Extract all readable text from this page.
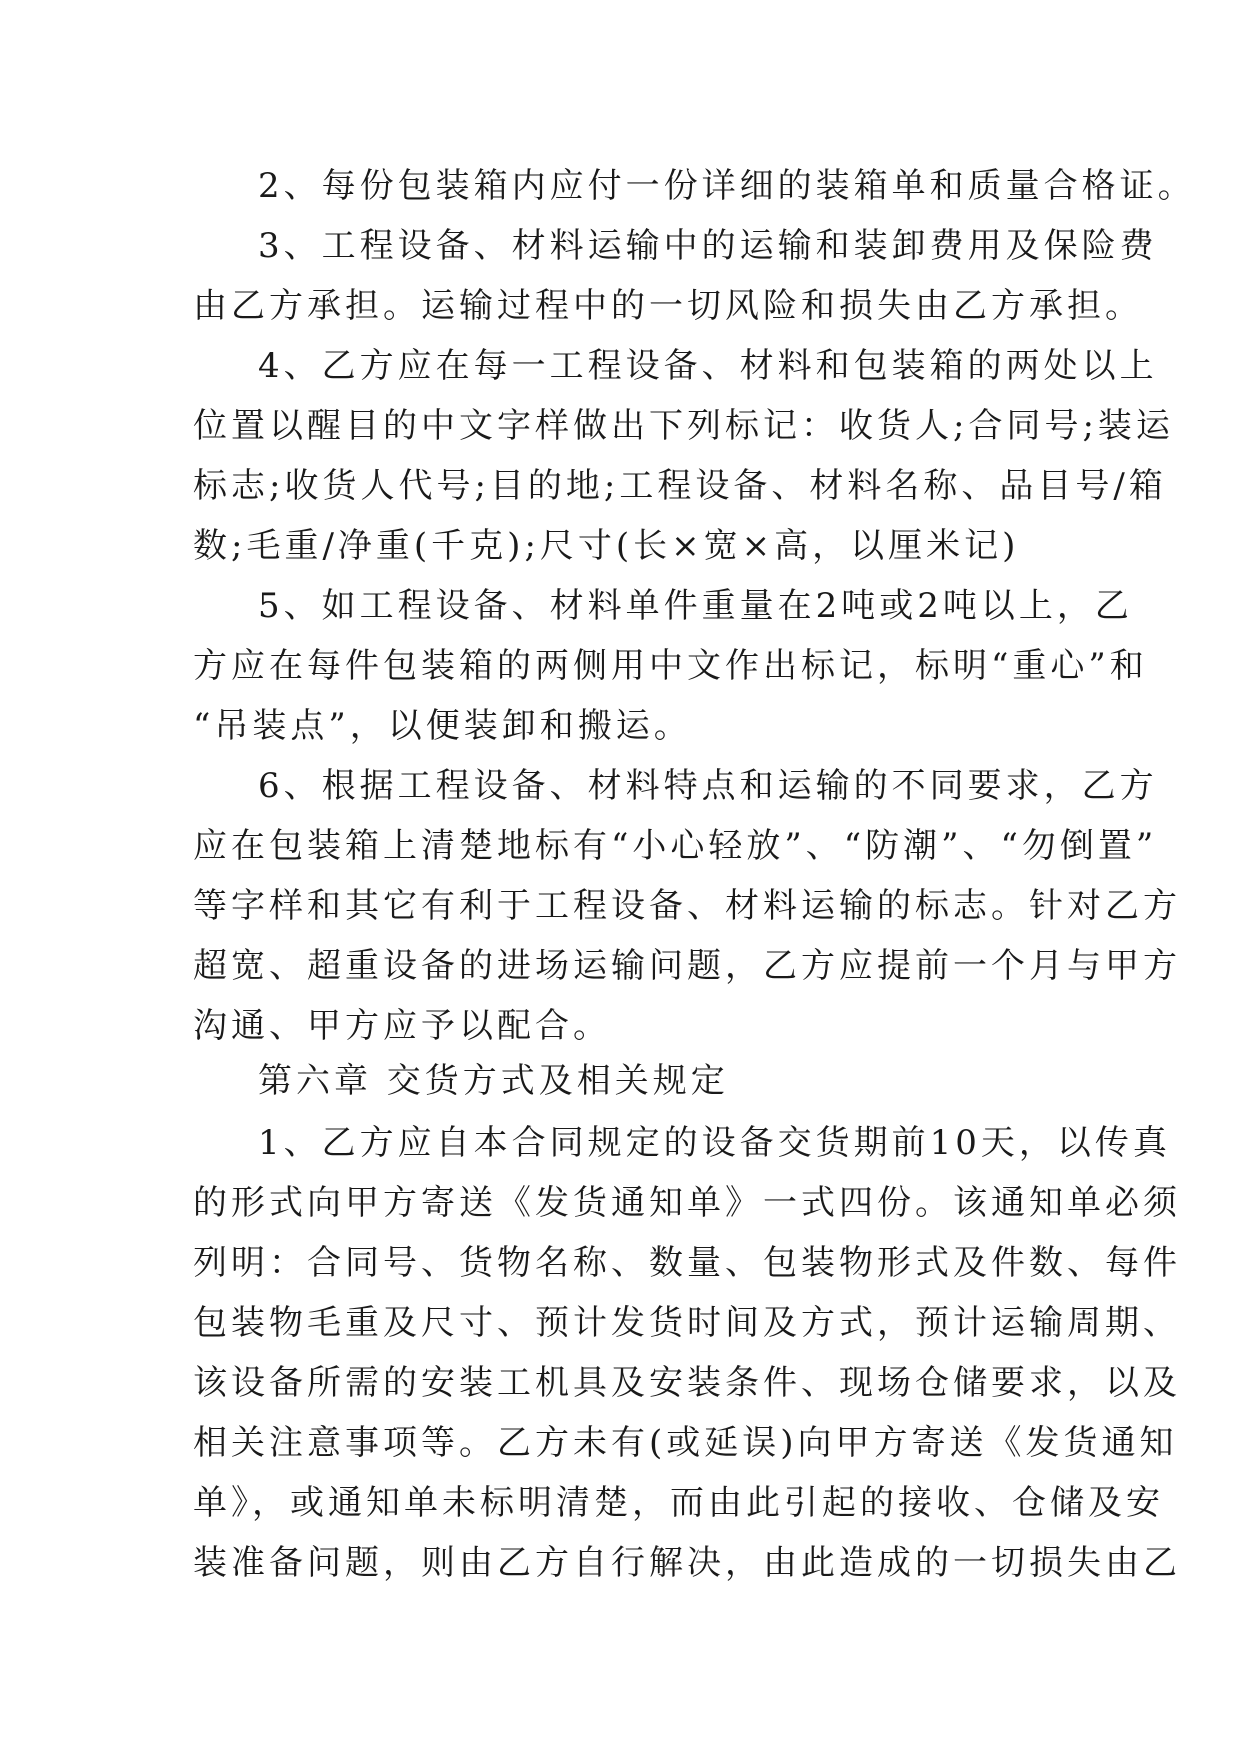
2、每份包装箱内应付一份详细的装箱单和质量合格证。
3、工程设备、材料运输中的运输和装卸费用及保险费
由乙方承担。运输过程中的一切风险和损失由乙方承担。
4、乙方应在每一工程设备、材料和包装箱的两处以上
位置以醒目的中文字样做出下列标记：收货人;合同号;装运
标志;收货人代号;目的地;工程设备、材料名称、品目号/箱
数;毛重/净重(千克);尺寸(长×宽×高，以厘米记)
5、如工程设备、材料单件重量在2吨或2吨以上，乙
方应在每件包装箱的两侧用中文作出标记，标明“重心”和
“吊装点”，以便装卸和搬运。
6、根据工程设备、材料特点和运输的不同要求，乙方
应在包装箱上清楚地标有“小心轻放”、“防潮”、“勿倒置”
等字样和其它有利于工程设备、材料运输的标志。针对乙方
超宽、超重设备的进场运输问题，乙方应提前一个月与甲方
沟通、甲方应予以配合。
第六章 交货方式及相关规定
1、乙方应自本合同规定的设备交货期前10天，以传真
的形式向甲方寄送《发货通知单》一式四份。该通知单必须
列明：合同号、货物名称、数量、包装物形式及件数、每件
包装物毛重及尺寸、预计发货时间及方式，预计运输周期、
该设备所需的安装工机具及安装条件、现场仓储要求，以及
相关注意事项等。乙方未有(或延误)向甲方寄送《发货通知
单》，或通知单未标明清楚，而由此引起的接收、仓储及安
装准备问题，则由乙方自行解决，由此造成的一切损失由乙
